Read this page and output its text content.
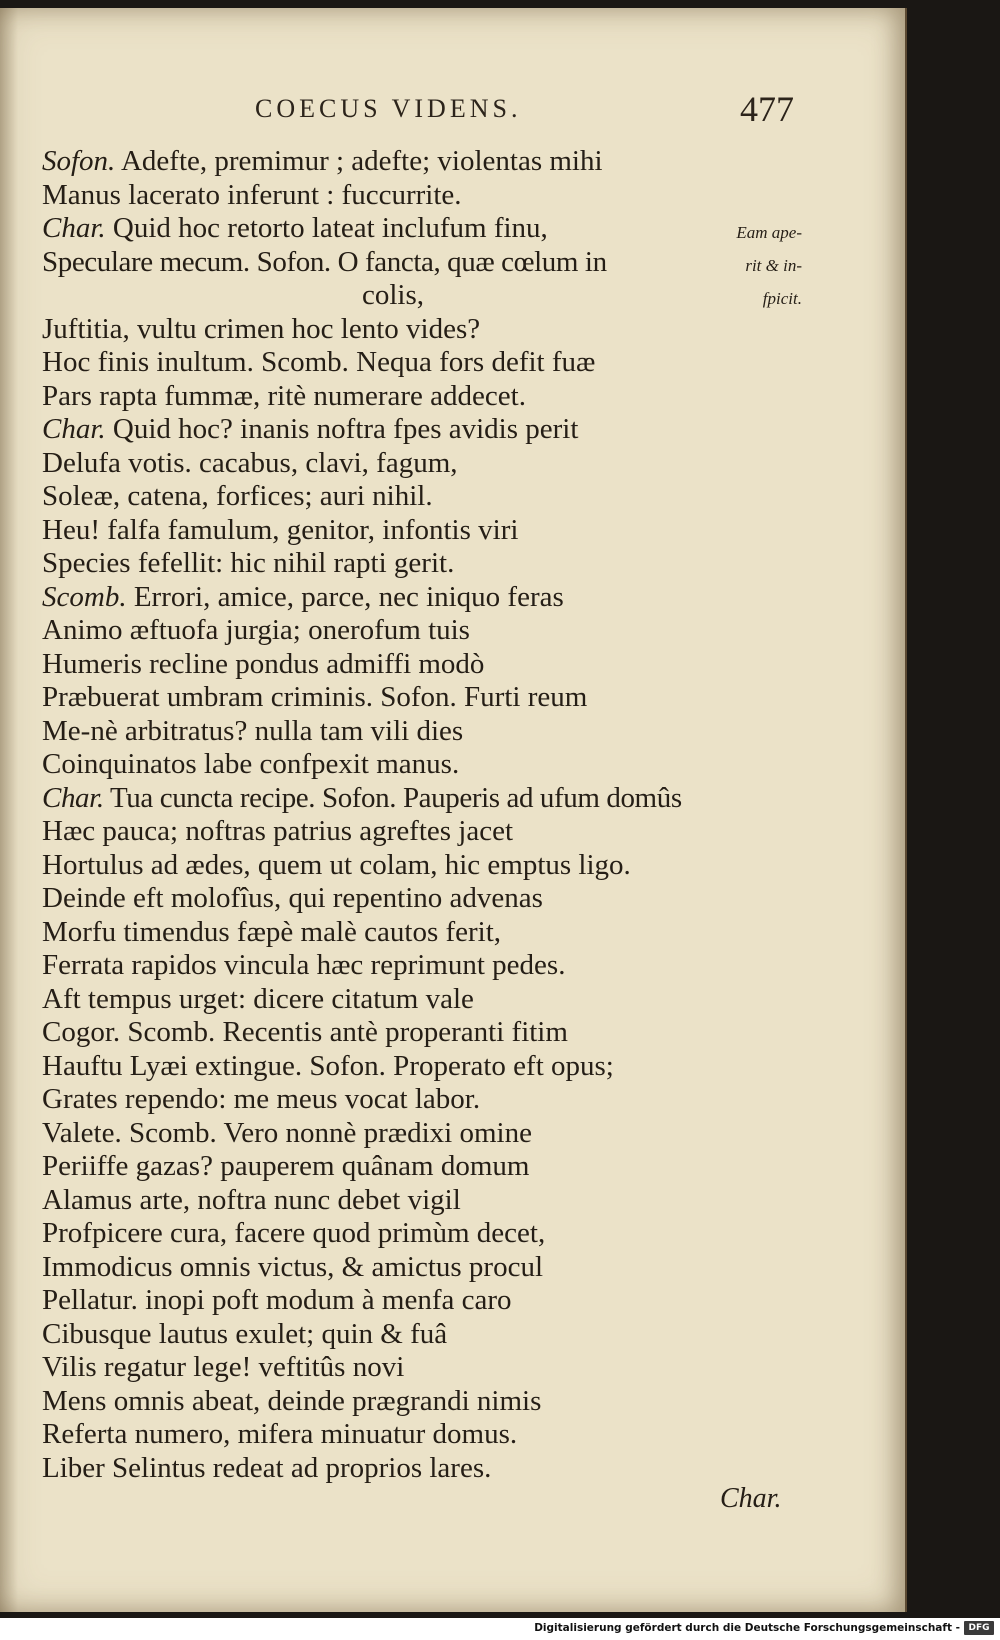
COECUS VIDENS.	477
Sofon. Adefte, premimur ; adefte; violentas mihi
Manus lacerato inferunt : fuccurrite.
Char. Quid hoc retorto lateat inclufum finu,
Speculare mecum. Sofon. O fancta, quæ cœlum in
colis,
Juftitia, vultu crimen hoc lento vides?
Hoc finis inultum. Scomb. Nequa fors defit fuæ
Pars rapta fummæ, ritè numerare addecet.
Char. Quid hoc? inanis noftra fpes avidis perit
Delufa votis. cacabus, clavi, fagum,
Soleæ, catena, forfices; auri nihil.
Heu! falfa famulum, genitor, infontis viri
Species fefellit: hic nihil rapti gerit.
Scomb. Errori, amice, parce, nec iniquo feras
Animo æftuofa jurgia; onerofum tuis
Humeris recline pondus admiffi modò
Præbuerat umbram criminis. Sofon. Furti reum
Me-nè arbitratus? nulla tam vili dies
Coinquinatos labe confpexit manus.
Char. Tua cuncta recipe. Sofon. Pauperis ad ufum domûs
Hæc pauca; noftras patrius agreftes jacet
Hortulus ad ædes, quem ut colam, hic emptus ligo.
Deinde eft molofîus, qui repentino advenas
Morfu timendus fæpè malè cautos ferit,
Ferrata rapidos vincula hæc reprimunt pedes.
Aft tempus urget: dicere citatum vale
Cogor. Scomb. Recentis antè properanti fitim
Hauftu Lyæi extingue. Sofon. Properato eft opus;
Grates rependo: me meus vocat labor.
Valete. Scomb. Vero nonnè prædixi omine
Periiffe gazas? pauperem quânam domum
Alamus arte, noftra nunc debet vigil
Profpicere cura, facere quod primùm decet,
Immodicus omnis victus, & amictus procul
Pellatur. inopi poft modum à menfa caro
Cibusque lautus exulet; quin & fuâ
Vilis regatur lege! veftitûs novi
Mens omnis abeat, deinde prægrandi nimis
Referta numero, mifera minuatur domus.
Liber Selintus redeat ad proprios lares.
Eam ape-
rit & in-
fpicit.
Char.
Digitalisierung gefördert durch die Deutsche Forschungsgemeinschaft - DFG
